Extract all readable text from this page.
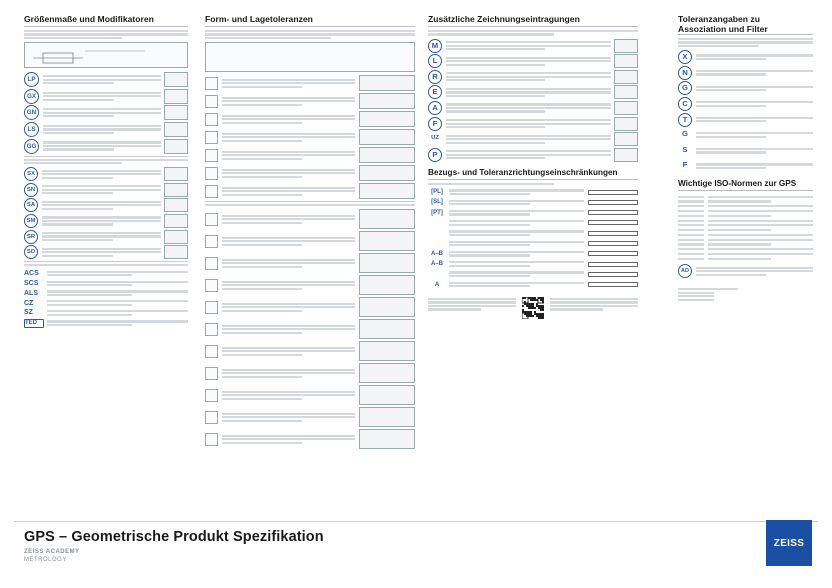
Größenmaße und Modifikatoren
LP
GX
GN
LS
GG
SX
SN
SA
SM
SR
SD
ACS
SCS
ALS
CZ
SZ
TED
Form- und Lagetoleranzen	Zusätzliche Zeichnungseintragungen
M
L
R
E
A
F
UZ
P
Bezugs- und Toleranzrichtungseinschränkungen
[PL]
[SL]
[PT]
A–B
A–B
A
Toleranzangaben zu Assoziation und Filter
X
N
G
C
T
G
S
F
Wichtige ISO-Normen zur GPS
AD
GPS – Geometrische Produkt Spezifikation
ZEISS ACADEMY
METROLOGY
ZEISS
